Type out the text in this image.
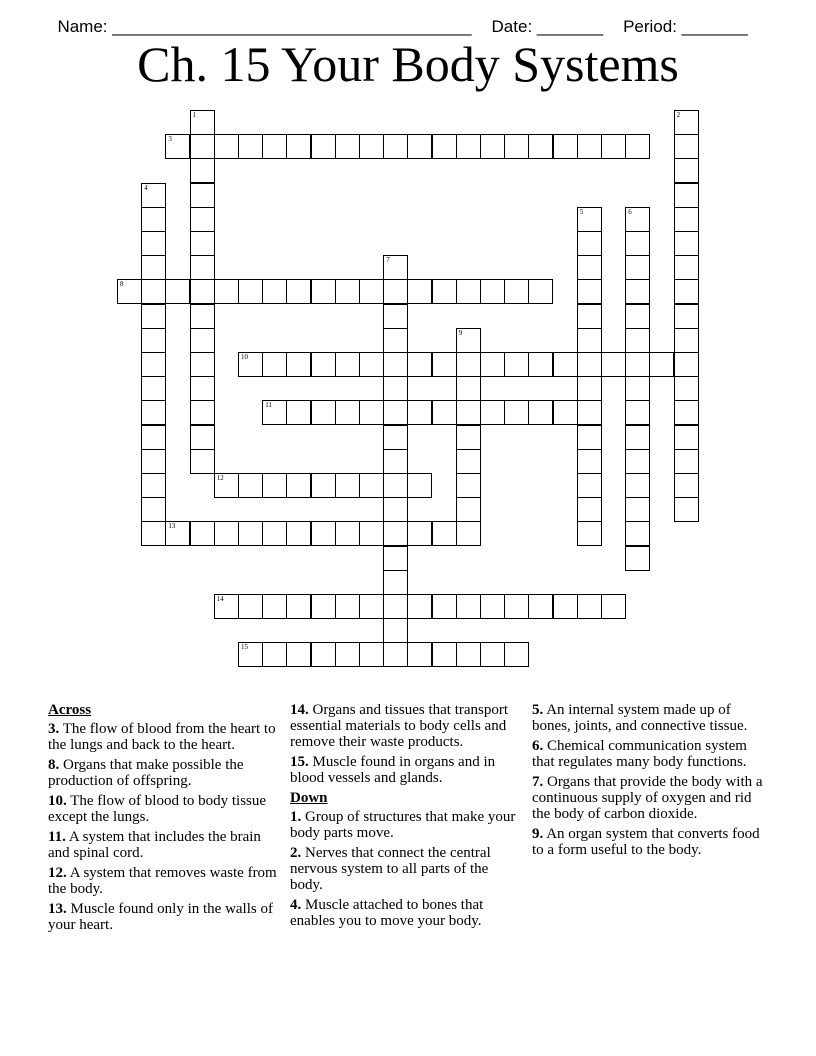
Name: ______________________________________ Date: _______ Period: _______

Ch. 15 Your Body Systems
1	2
3
4
5	6
7
8
9
10
11
12
13
14
15
Across
3. The flow of blood from the heart to the lungs and back to the heart.
8. Organs that make possible the production of offspring.
10. The flow of blood to body tissue except the lungs.
11. A system that includes the brain and spinal cord.
12. A system that removes waste from the body.
13. Muscle found only in the walls of your heart.
14. Organs and tissues that transport essential materials to body cells and remove their waste products.
15. Muscle found in organs and in blood vessels and glands.
Down
1. Group of structures that make your body parts move.
2. Nerves that connect the central nervous system to all parts of the body.
4. Muscle attached to bones that enables you to move your body.
5. An internal system made up of bones, joints, and connective tissue.
6. Chemical communication system that regulates many body functions.
7. Organs that provide the body with a continuous supply of oxygen and rid the body of carbon dioxide.
9. An organ system that converts food to a form useful to the body.
